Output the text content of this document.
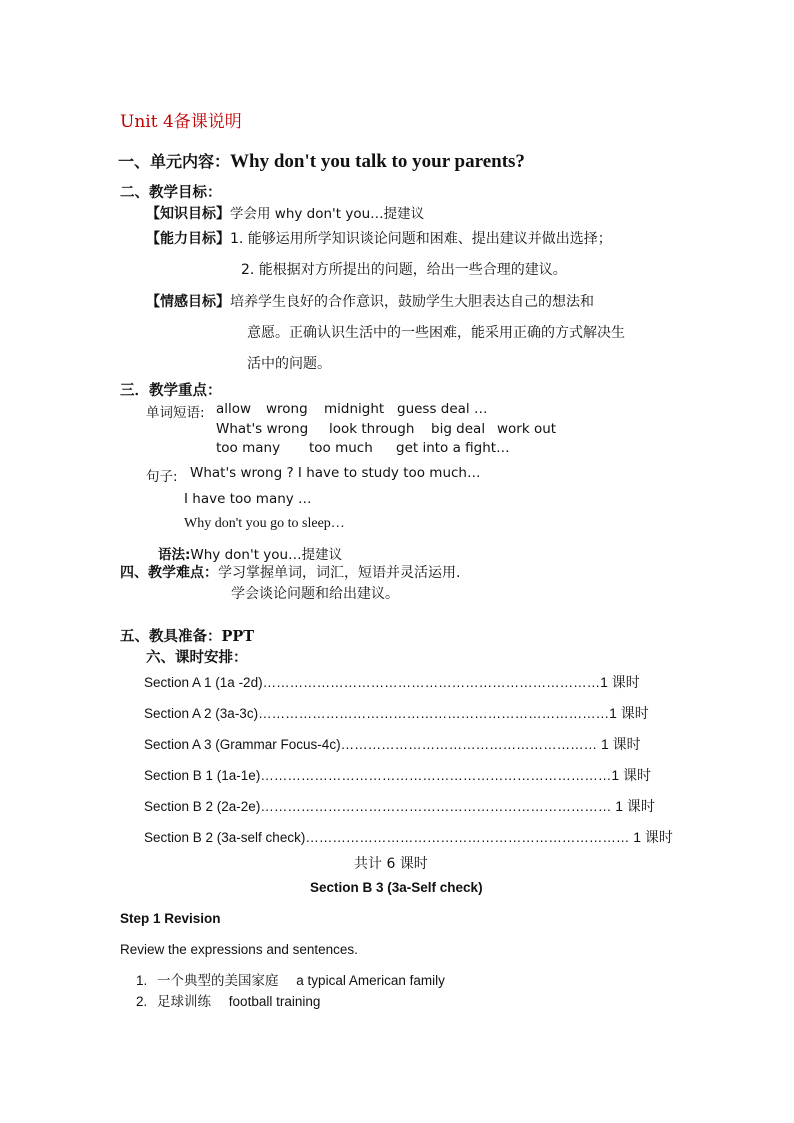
Unit 4备课说明
一、单元内容：Why don't you talk to your parents?
二、教学目标：
【知识目标】学会用 why don't you…提建议
【能力目标】1. 能够运用所学知识谈论问题和困难、提出建议并做出选择；
2. 能根据对方所提出的问题，给出一些合理的建议。
【情感目标】培养学生良好的合作意识，鼓励学生大胆表达自己的想法和
意愿。正确认识生活中的一些困难，能采用正确的方式解决生
活中的问题。
三．教学重点：
单词短语: allow wrong midnight guess deal …
What's wrong look through big deal work out
too many too much get into a fight…
句子: What's wrong ? I have to study too much…
I have too many …
Why don't you go to sleep…
语法:Why don't you…提建议
四、教学难点：学习掌握单词，词汇，短语并灵活运用.
学会谈论问题和给出建议。
五、教具准备：PPT
六、课时安排：
Section A 1 (1a -2d)…………………………………………………………………1 课时
Section A 2 (3a-3c)……………………………………………………………………1 课时
Section A 3 (Grammar Focus-4c)………………………………………………… 1 课时
Section B 1 (1a-1e)……………………………………………………………………1 课时
Section B 2 (2a-2e)…………………………………………………………………… 1 课时
Section B 2 (3a-self check)……………………………………………………………… 1 课时
共计 6 课时
Section B 3 (3a-Self check)
Step 1 Revision
Review the expressions and sentences.
1. 一个典型的美国家庭 a typical American family
2. 足球训练 football training
